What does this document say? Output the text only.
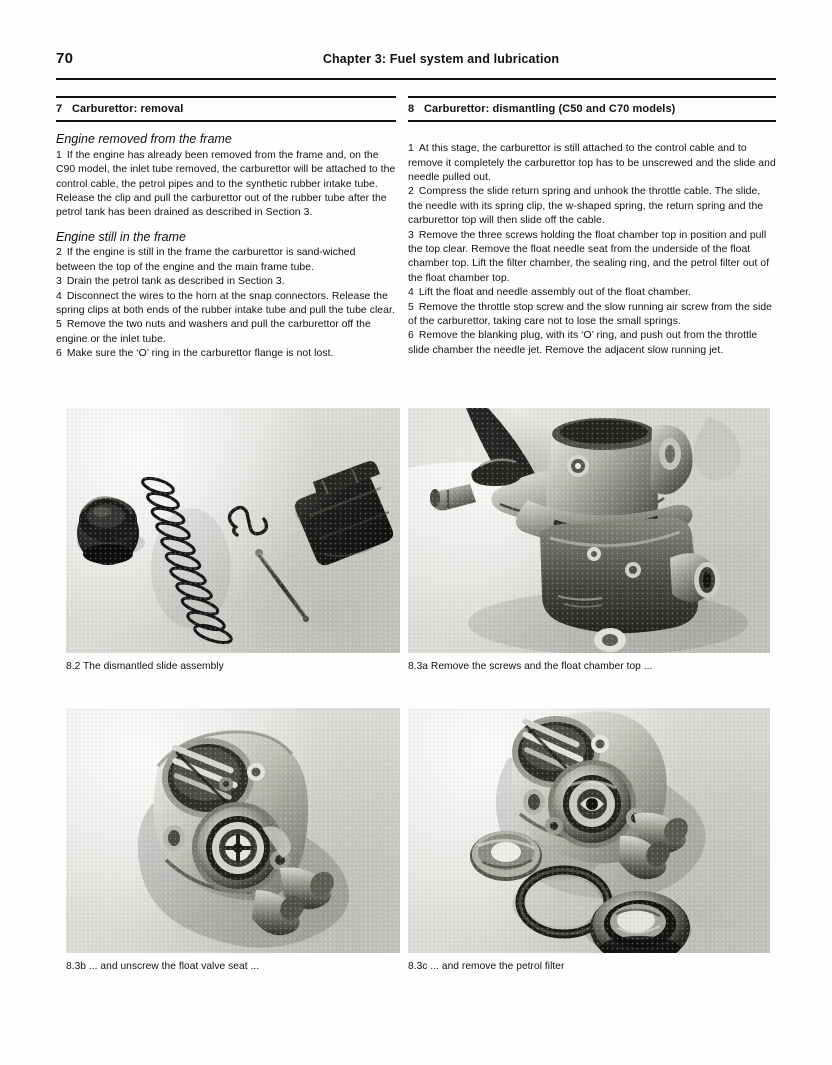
70	Chapter 3: Fuel system and lubrication
7 Carburettor: removal
Engine removed from the frame

1 If the engine has already been removed from the frame and, on the C90 model, the inlet tube removed, the carburettor will be attached to the control cable, the petrol pipes and to the synthetic rubber intake tube. Release the clip and pull the carburettor out of the rubber tube after the petrol tank has been drained as described in Section 3.

Engine still in the frame

2 If the engine is still in the frame the carburettor is sand-wiched between the top of the engine and the main frame tube.

3 Drain the petrol tank as described in Section 3.

4 Disconnect the wires to the horn at the snap connectors. Release the spring clips at both ends of the rubber intake tube and pull the tube clear.

5 Remove the two nuts and washers and pull the carburettor off the engine or the inlet tube.

6 Make sure the ‘O’ ring in the carburettor flange is not lost.

8 Carburettor: dismantling (C50 and C70 models)

1 At this stage, the carburettor is still attached to the control cable and to remove it completely the carburettor top has to be unscrewed and the slide and needle pulled out.

2 Compress the slide return spring and unhook the throttle cable. The slide, the needle with its spring clip, the w-shaped spring, the return spring and the carburettor top will then slide off the cable.

3 Remove the three screws holding the float chamber top in position and pull the top clear. Remove the float needle seat from the underside of the float chamber top. Lift the filter chamber, the sealing ring, and the petrol filter out of the float chamber top.

4 Lift the float and needle assembly out of the float chamber.

5 Remove the throttle stop screw and the slow running air screw from the side of the carburettor, taking care not to lose the small springs.

6 Remove the blanking plug, with its ‘O’ ring, and push out from the throttle slide chamber the needle jet. Remove the adjacent slow running jet.

8.2 The dismantled slide assembly	8.3a Remove the screws and the float chamber top ...
8.3b ... and unscrew the float valve seat ...	8.3c ... and remove the petrol filter
